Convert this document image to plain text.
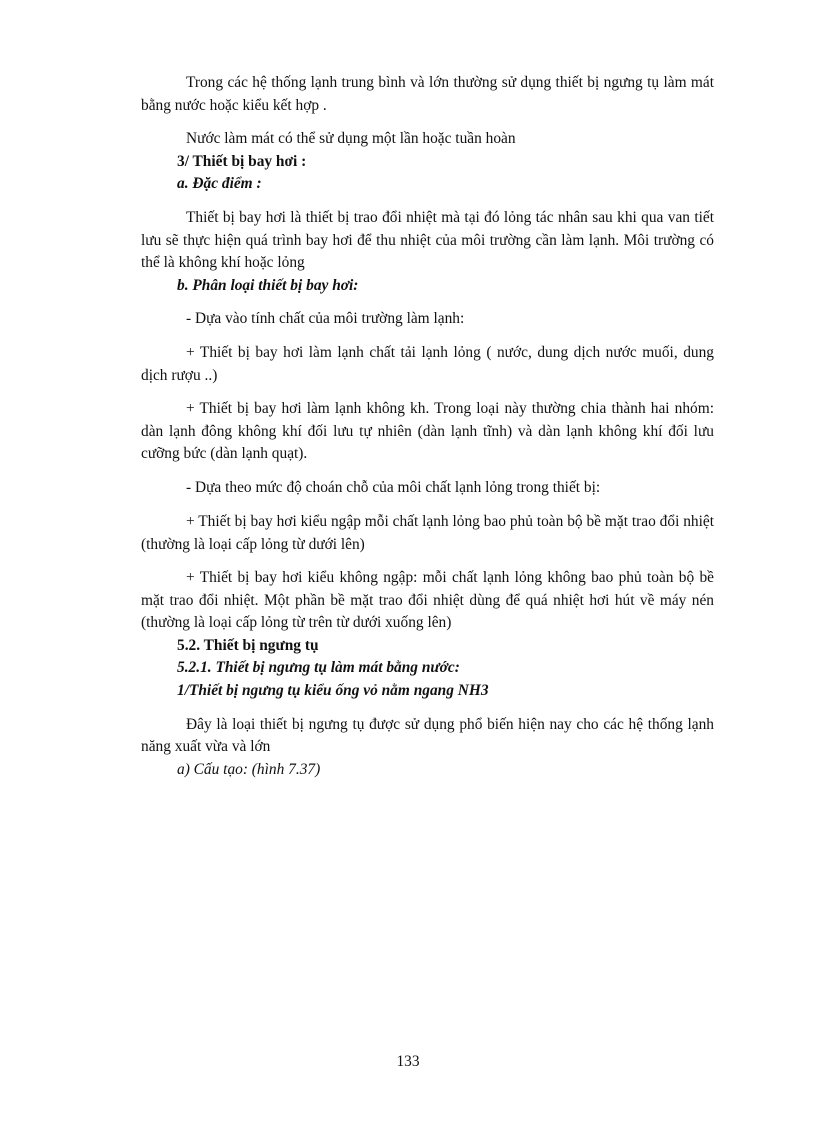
Trong các hệ thống lạnh trung bình và lớn thường sử dụng thiết bị ngưng tụ làm mát bằng nước hoặc kiểu kết hợp .

Nước làm mát có thể sử dụng một lần hoặc tuần hoàn

3/ Thiết bị bay hơi :

a. Đặc điểm :

Thiết bị bay hơi là thiết bị trao đổi nhiệt mà tại đó lỏng tác nhân sau khi qua van tiết lưu sẽ thực hiện quá trình bay hơi để thu nhiệt của môi trường cần làm lạnh. Môi trường có thể là không khí hoặc lỏng

b. Phân loại thiết bị bay hơi:

- Dựa vào tính chất của môi trường làm lạnh:

+ Thiết bị bay hơi làm lạnh chất tải lạnh lỏng ( nước, dung dịch nước muối, dung dịch rượu ..)

+ Thiết bị bay hơi làm lạnh không kh. Trong loại này thường chia thành hai nhóm: dàn lạnh đông không khí đối lưu tự nhiên (dàn lạnh tĩnh) và dàn lạnh không khí đối lưu cưỡng bức (dàn lạnh quạt).

- Dựa theo mức độ choán chỗ của môi chất lạnh lỏng trong thiết bị:

+ Thiết bị bay hơi kiểu ngập mỗi chất lạnh lỏng bao phủ toàn bộ bề mặt trao đổi nhiệt (thường là loại cấp lỏng từ dưới lên)

+ Thiết bị bay hơi kiểu không ngập: mỗi chất lạnh lỏng không bao phủ toàn bộ bề mặt trao đổi nhiệt. Một phần bề mặt trao đổi nhiệt dùng để quá nhiệt hơi hút về máy nén (thường là loại cấp lỏng từ trên từ dưới xuống lên)

5.2. Thiết bị ngưng tụ

5.2.1. Thiết bị ngưng tụ làm mát bằng nước:

1/Thiết bị ngưng tụ kiểu ống vỏ nằm ngang NH3

Đây là loại thiết bị ngưng tụ được sử dụng phổ biến hiện nay cho các hệ thống lạnh năng xuất vừa và lớn

a) Cấu tạo: (hình 7.37)

133
